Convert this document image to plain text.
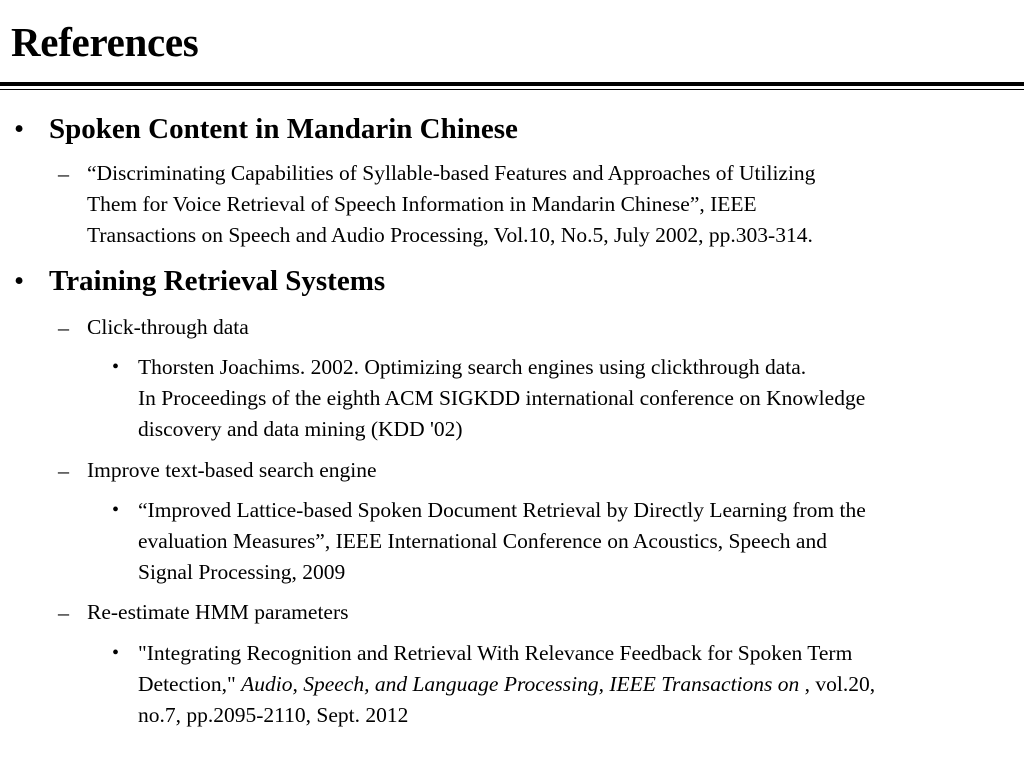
References
• Spoken Content in Mandarin Chinese
– “Discriminating Capabilities of Syllable-based Features and Approaches of Utilizing
Them for Voice Retrieval of Speech Information in Mandarin Chinese”, IEEE
Transactions on Speech and Audio Processing, Vol.10, No.5, July 2002, pp.303-314.
• Training Retrieval Systems
– Click-through data
• Thorsten Joachims. 2002. Optimizing search engines using clickthrough data.
In Proceedings of the eighth ACM SIGKDD international conference on Knowledge
discovery and data mining (KDD '02)
– Improve text-based search engine
• “Improved Lattice-based Spoken Document Retrieval by Directly Learning from the
evaluation Measures”, IEEE International Conference on Acoustics, Speech and
Signal Processing, 2009
– Re-estimate HMM parameters
• "Integrating Recognition and Retrieval With Relevance Feedback for Spoken Term
Detection," Audio, Speech, and Language Processing, IEEE Transactions on , vol.20,
no.7, pp.2095-2110, Sept. 2012
